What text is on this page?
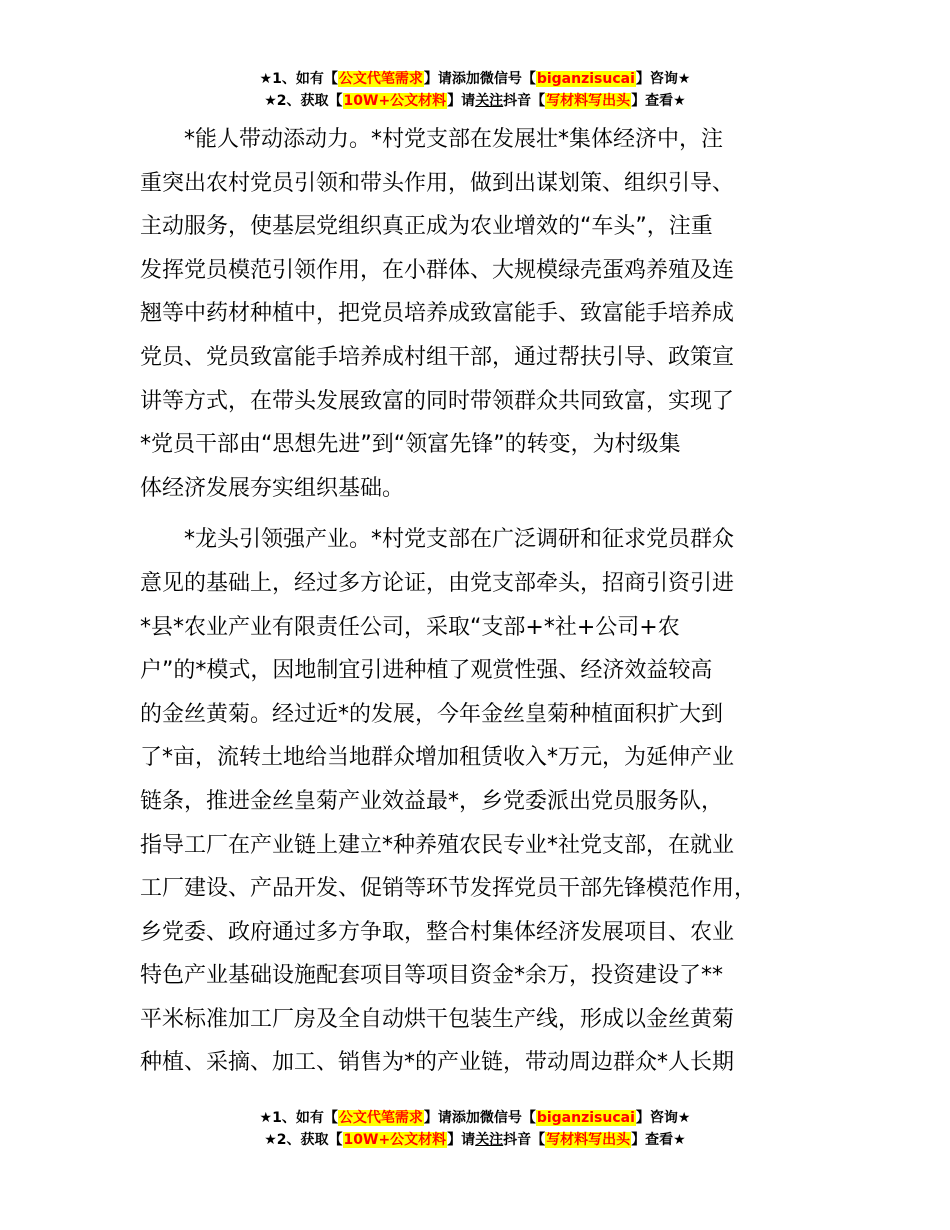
★1、如有【公文代笔需求】请添加微信号【biganzisucai】咨询★
★2、获取【10W+公文材料】请关注抖音【写材料写出头】查看★

*能人带动添动力。*村党支部在发展壮*集体经济中，注
重突出农村党员引领和带头作用，做到出谋划策、组织引导、
主动服务，使基层党组织真正成为农业增效的“车头”，注重
发挥党员模范引领作用，在小群体、大规模绿壳蛋鸡养殖及连
翘等中药材种植中，把党员培养成致富能手、致富能手培养成
党员、党员致富能手培养成村组干部，通过帮扶引导、政策宣
讲等方式，在带头发展致富的同时带领群众共同致富，实现了
*党员干部由“思想先进”到“领富先锋”的转变，为村级集
体经济发展夯实组织基础。

*龙头引领强产业。*村党支部在广泛调研和征求党员群众
意见的基础上，经过多方论证，由党支部牵头，招商引资引进
*县*农业产业有限责任公司，采取“支部+*社+公司+农
户”的*模式，因地制宜引进种植了观赏性强、经济效益较高
的金丝黄菊。经过近*的发展，今年金丝皇菊种植面积扩大到
了*亩，流转土地给当地群众增加租赁收入*万元，为延伸产业
链条，推进金丝皇菊产业效益最*，乡党委派出党员服务队，
指导工厂在产业链上建立*种养殖农民专业*社党支部，在就业
工厂建设、产品开发、促销等环节发挥党员干部先锋模范作用，
乡党委、政府通过多方争取，整合村集体经济发展项目、农业
特色产业基础设施配套项目等项目资金*余万，投资建设了**
平米标准加工厂房及全自动烘干包装生产线，形成以金丝黄菊
种植、采摘、加工、销售为*的产业链，带动周边群众*人长期

★1、如有【公文代笔需求】请添加微信号【biganzisucai】咨询★
★2、获取【10W+公文材料】请关注抖音【写材料写出头】查看★
